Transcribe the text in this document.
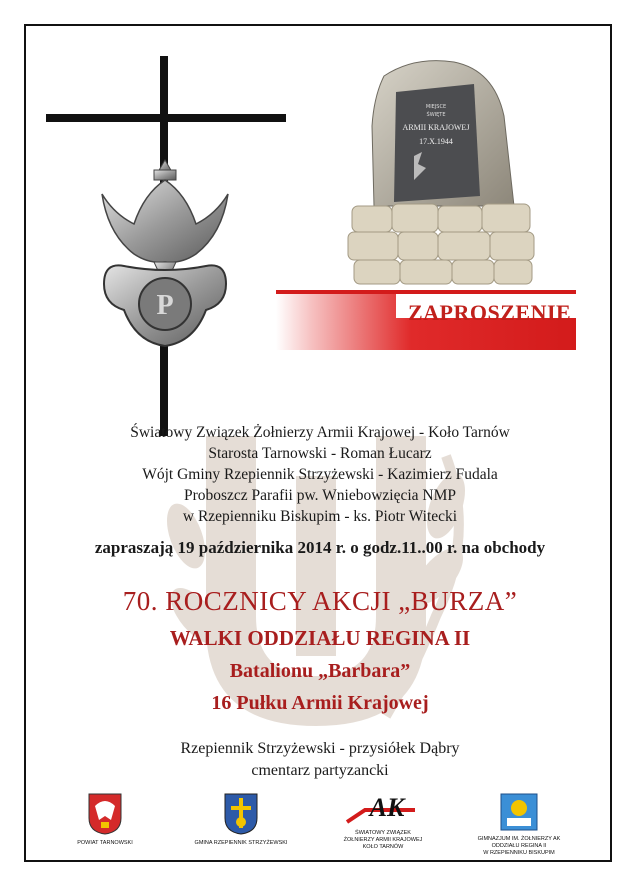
P
MIEJSCE
ŚWIĘTE
ARMII KRAJOWEJ
17.X.1944
ZAPROSZENIE
Światowy Związek Żołnierzy Armii Krajowej - Koło Tarnów
Starosta Tarnowski - Roman Łucarz
Wójt Gminy Rzepiennik Strzyżewski - Kazimierz Fudala
Proboszcz Parafii pw. Wniebowzięcia NMP
w Rzepienniku Biskupim - ks. Piotr Witecki
zapraszają 19 października 2014 r. o godz.11..00 r. na obchody
70. ROCZNICY AKCJI „BURZA”
WALKI ODDZIAŁU REGINA II
Batalionu „Barbara”
16 Pułku Armii Krajowej
Rzepiennik Strzyżewski - przysiółek Dąbry
cmentarz partyzancki
POWIAT TARNOWSKI	GMINA RZEPIENNIK STRZYŻEWSKI
AK
ŚWIATOWY ZWIĄZEK
ŻOŁNIERZY ARMII KRAJOWEJ
KOŁO TARNÓW
GIMNAZJUM IM. ŻOŁNIERZY AK
ODDZIAŁU REGINA II
W RZEPIENNIKU BISKUPIM
